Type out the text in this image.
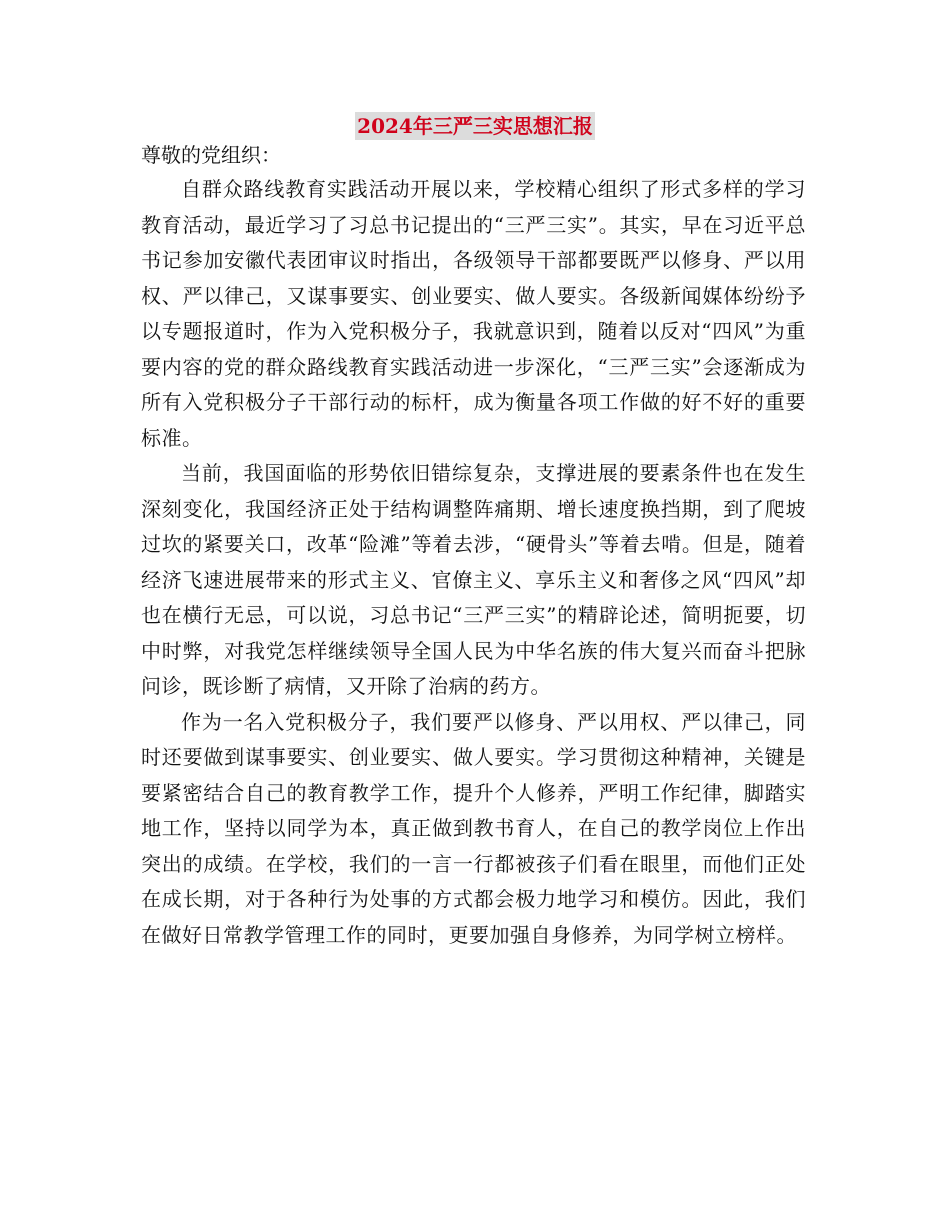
2024年三严三实思想汇报

尊敬的党组织：

自群众路线教育实践活动开展以来，学校精心组织了形式多样的学习教育活动，最近学习了习总书记提出的“三严三实”。其实，早在习近平总书记参加安徽代表团审议时指出，各级领导干部都要既严以修身、严以用权、严以律己，又谋事要实、创业要实、做人要实。各级新闻媒体纷纷予以专题报道时，作为入党积极分子，我就意识到，随着以反对“四风”为重要内容的党的群众路线教育实践活动进一步深化，“三严三实”会逐渐成为所有入党积极分子干部行动的标杆，成为衡量各项工作做的好不好的重要标准。

当前，我国面临的形势依旧错综复杂，支撑进展的要素条件也在发生深刻变化，我国经济正处于结构调整阵痛期、增长速度换挡期，到了爬坡过坎的紧要关口，改革“险滩”等着去涉，“硬骨头”等着去啃。但是，随着经济飞速进展带来的形式主义、官僚主义、享乐主义和奢侈之风“四风”却也在横行无忌，可以说，习总书记“三严三实”的精辟论述，简明扼要，切中时弊，对我党怎样继续领导全国人民为中华名族的伟大复兴而奋斗把脉问诊，既诊断了病情，又开除了治病的药方。

作为一名入党积极分子，我们要严以修身、严以用权、严以律己，同时还要做到谋事要实、创业要实、做人要实。学习贯彻这种精神，关键是要紧密结合自己的教育教学工作，提升个人修养，严明工作纪律，脚踏实地工作，坚持以同学为本，真正做到教书育人，在自己的教学岗位上作出突出的成绩。在学校，我们的一言一行都被孩子们看在眼里，而他们正处在成长期，对于各种行为处事的方式都会极力地学习和模仿。因此，我们在做好日常教学管理工作的同时，更要加强自身修养，为同学树立榜样。
